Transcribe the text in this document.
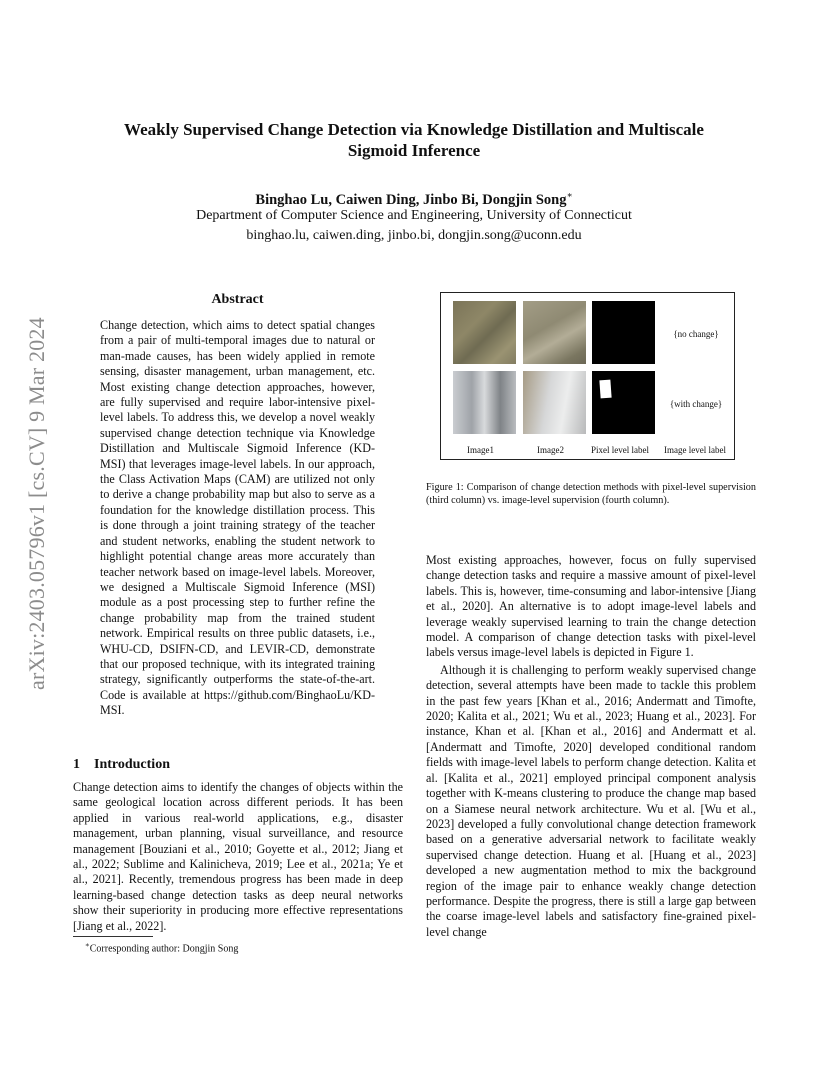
arXiv:2403.05796v1 [cs.CV] 9 Mar 2024
Weakly Supervised Change Detection via Knowledge Distillation and Multiscale
Sigmoid Inference
Binghao Lu, Caiwen Ding, Jinbo Bi, Dongjin Song∗
Department of Computer Science and Engineering, University of Connecticut
binghao.lu, caiwen.ding, jinbo.bi, dongjin.song@uconn.edu
Abstract

Change detection, which aims to detect spatial changes from a pair of multi-temporal images due to natural or man-made causes, has been widely applied in remote sensing, disaster management, urban management, etc. Most existing change detection approaches, however, are fully supervised and require labor-intensive pixel-level labels. To address this, we develop a novel weakly supervised change detection technique via Knowledge Distillation and Multiscale Sigmoid Inference (KD-MSI) that leverages image-level labels. In our approach, the Class Activation Maps (CAM) are utilized not only to derive a change probability map but also to serve as a foundation for the knowledge distillation process. This is done through a joint training strategy of the teacher and student networks, enabling the student network to highlight potential change areas more accurately than teacher network based on image-level labels. Moreover, we designed a Multiscale Sigmoid Inference (MSI) module as a post processing step to further refine the change probability map from the trained student network. Empirical results on three public datasets, i.e., WHU-CD, DSIFN-CD, and LEVIR-CD, demonstrate that our proposed technique, with its integrated training strategy, significantly outperforms the state-of-the-art. Code is available at https://github.com/BinghaoLu/KD-MSI.

1 Introduction

Change detection aims to identify the changes of objects within the same geological location across different periods. It has been applied in various real-world applications, e.g., disaster management, urban planning, visual surveillance, and resource management [Bouziani et al., 2010; Goyette et al., 2012; Jiang et al., 2022; Sublime and Kalinicheva, 2019; Lee et al., 2021a; Ye et al., 2021]. Recently, tremendous progress has been made in deep learning-based change detection tasks as deep neural networks show their superiority in producing more effective representations [Jiang et al., 2022].

∗Corresponding author: Dongjin Song
{no change}
{with change}
Image1	Image2	Pixel level label Image level label

Figure 1: Comparison of change detection methods with pixel-level supervision (third column) vs. image-level supervision (fourth column).

Most existing approaches, however, focus on fully supervised change detection tasks and require a massive amount of pixel-level labels. This is, however, time-consuming and labor-intensive [Jiang et al., 2020]. An alternative is to adopt image-level labels and leverage weakly supervised learning to train the change detection model. A comparison of change detection tasks with pixel-level labels versus image-level labels is depicted in Figure 1.

Although it is challenging to perform weakly supervised change detection, several attempts have been made to tackle this problem in the past few years [Khan et al., 2016; Andermatt and Timofte, 2020; Kalita et al., 2021; Wu et al., 2023; Huang et al., 2023]. For instance, Khan et al. [Khan et al., 2016] and Andermatt et al. [Andermatt and Timofte, 2020] developed conditional random fields with image-level labels to perform change detection. Kalita et al. [Kalita et al., 2021] employed principal component analysis together with K-means clustering to produce the change map based on a Siamese neural network architecture. Wu et al. [Wu et al., 2023] developed a fully convolutional change detection framework based on a generative adversarial network to facilitate weakly supervised change detection. Huang et al. [Huang et al., 2023] developed a new augmentation method to mix the background region of the image pair to enhance weakly change detection performance. Despite the progress, there is still a large gap between the coarse image-level labels and satisfactory fine-grained pixel-level change
